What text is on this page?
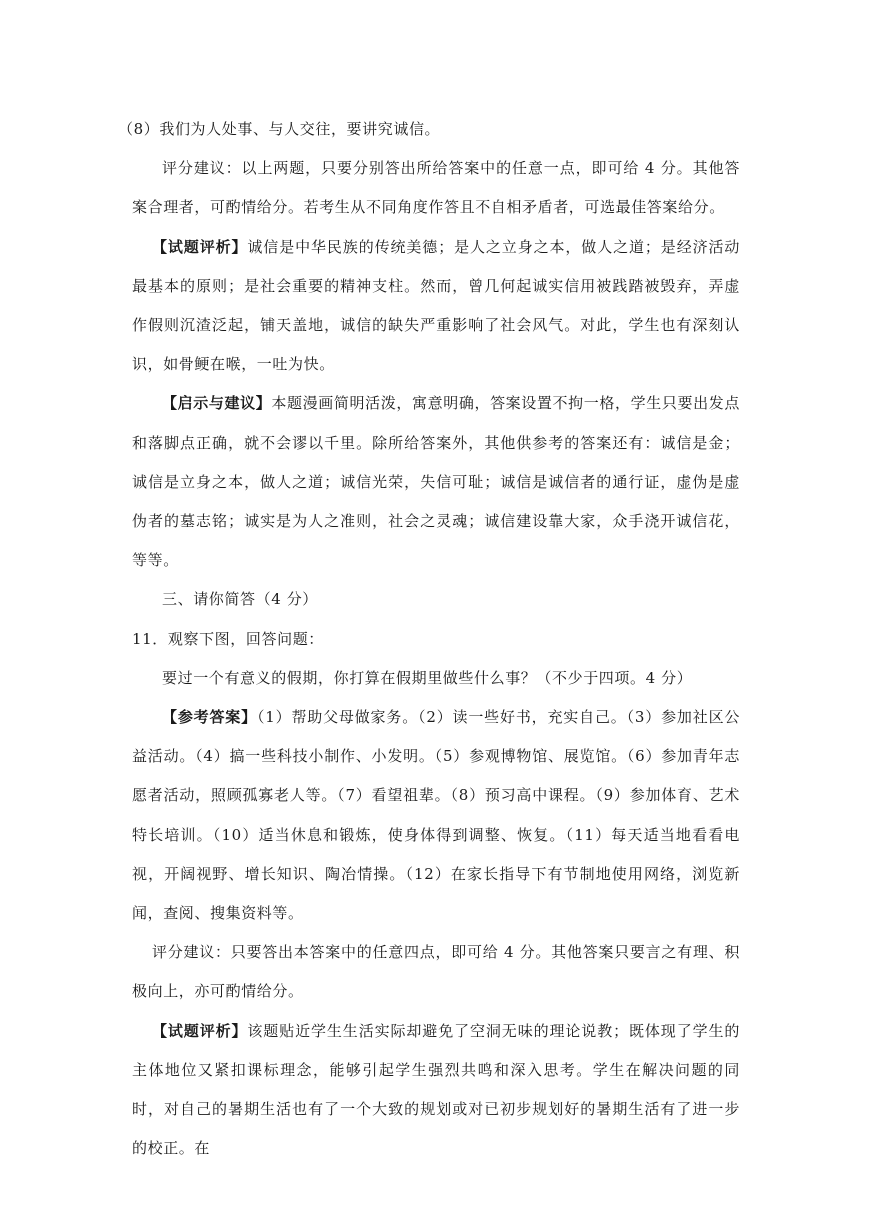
（8）我们为人处事、与人交往，要讲究诚信。

评分建议：以上两题，只要分别答出所给答案中的任意一点，即可给 4 分。其他答案合理者，可酌情给分。若考生从不同角度作答且不自相矛盾者，可选最佳答案给分。

【试题评析】诚信是中华民族的传统美德；是人之立身之本，做人之道；是经济活动最基本的原则；是社会重要的精神支柱。然而，曾几何起诚实信用被践踏被毁弃，弄虚作假则沉渣泛起，铺天盖地，诚信的缺失严重影响了社会风气。对此，学生也有深刻认识，如骨鲠在喉，一吐为快。

【启示与建议】本题漫画简明活泼，寓意明确，答案设置不拘一格，学生只要出发点和落脚点正确，就不会谬以千里。除所给答案外，其他供参考的答案还有：诚信是金；诚信是立身之本，做人之道；诚信光荣，失信可耻；诚信是诚信者的通行证，虚伪是虚伪者的墓志铭；诚实是为人之准则，社会之灵魂；诚信建设靠大家，众手浇开诚信花，等等。

三、请你简答（4 分）

11．观察下图，回答问题：

要过一个有意义的假期，你打算在假期里做些什么事？（不少于四项。4 分）

【参考答案】（1）帮助父母做家务。（2）读一些好书，充实自己。（3）参加社区公益活动。（4）搞一些科技小制作、小发明。（5）参观博物馆、展览馆。（6）参加青年志愿者活动，照顾孤寡老人等。（7）看望祖辈。（8）预习高中课程。（9）参加体育、艺术特长培训。（10）适当休息和锻炼，使身体得到调整、恢复。（11）每天适当地看看电视，开阔视野、增长知识、陶冶情操。（12）在家长指导下有节制地使用网络，浏览新闻，查阅、搜集资料等。

评分建议：只要答出本答案中的任意四点，即可给 4 分。其他答案只要言之有理、积极向上，亦可酌情给分。

【试题评析】该题贴近学生生活实际却避免了空洞无味的理论说教；既体现了学生的主体地位又紧扣课标理念，能够引起学生强烈共鸣和深入思考。学生在解决问题的同时，对自己的暑期生活也有了一个大致的规划或对已初步规划好的暑期生活有了进一步的校正。在
